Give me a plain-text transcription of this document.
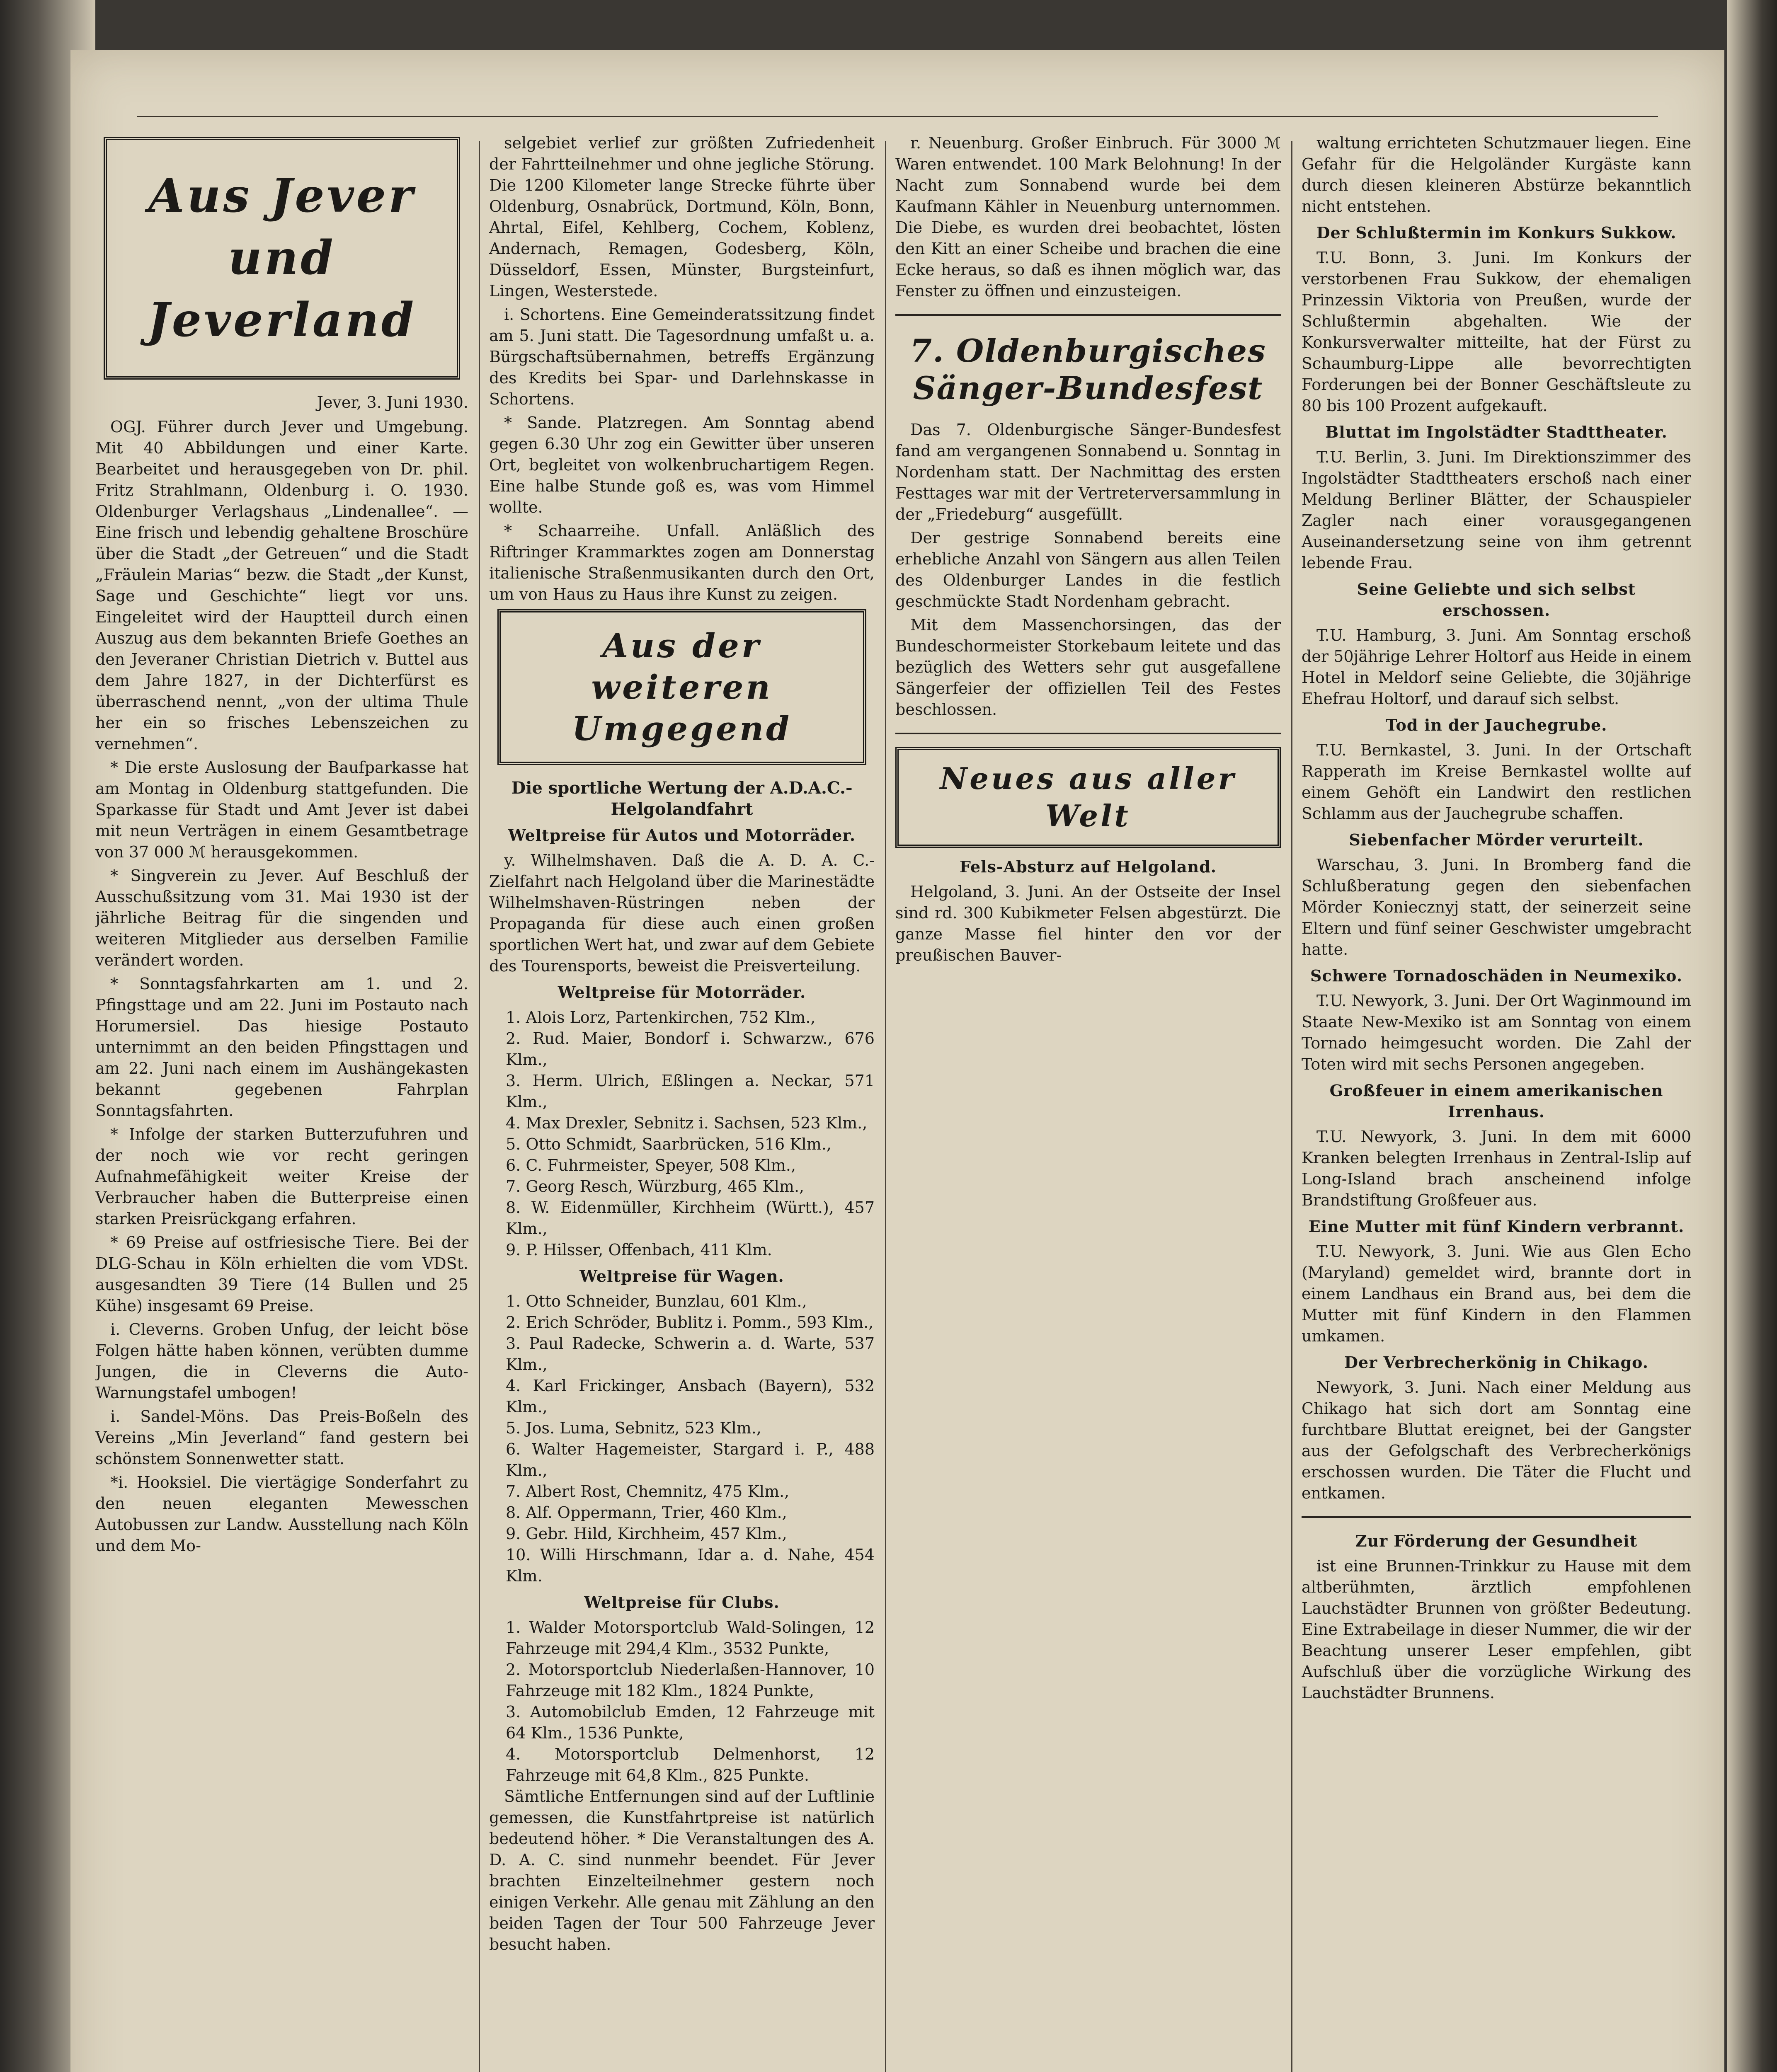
Aus Jever
und Jeverland
Jever, 3. Juni 1930.

OGJ. Führer durch Jever und Umgebung. Mit 40 Abbildungen und einer Karte. Bearbeitet und herausgegeben von Dr. phil. Fritz Strahlmann, Oldenburg i. O. 1930. Oldenburger Verlagshaus „Lindenallee“. — Eine frisch und lebendig gehaltene Broschüre über die Stadt „der Getreuen“ und die Stadt „Fräulein Marias“ bezw. die Stadt „der Kunst, Sage und Geschichte“ liegt vor uns. Eingeleitet wird der Hauptteil durch einen Auszug aus dem bekannten Briefe Goethes an den Jeveraner Christian Dietrich v. Buttel aus dem Jahre 1827, in der Dichterfürst es überraschend nennt, „von der ultima Thule her ein so frisches Lebenszeichen zu vernehmen“.

* Die erste Auslosung der Baufparkasse hat am Montag in Oldenburg stattgefunden. Die Sparkasse für Stadt und Amt Jever ist dabei mit neun Verträgen in einem Gesamtbetrage von 37 000 ℳ herausgekommen.

* Singverein zu Jever. Auf Beschluß der Ausschußsitzung vom 31. Mai 1930 ist der jährliche Beitrag für die singenden und weiteren Mitglieder aus derselben Familie verändert worden.

* Sonntagsfahrkarten am 1. und 2. Pfingsttage und am 22. Juni im Postauto nach Horumersiel. Das hiesige Postauto unternimmt an den beiden Pfingsttagen und am 22. Juni nach einem im Aushängekasten bekannt gegebenen Fahrplan Sonntagsfahrten.

* Infolge der starken Butterzufuhren und der noch wie vor recht geringen Aufnahmefähigkeit weiter Kreise der Verbraucher haben die Butterpreise einen starken Preisrückgang erfahren.

* 69 Preise auf ostfriesische Tiere. Bei der DLG-Schau in Köln erhielten die vom VDSt. ausgesandten 39 Tiere (14 Bullen und 25 Kühe) insgesamt 69 Preise.

i. Cleverns. Groben Unfug, der leicht böse Folgen hätte haben können, verübten dumme Jungen, die in Cleverns die Auto-Warnungstafel umbogen!

i. Sandel-Möns. Das Preis-Boßeln des Vereins „Min Jeverland“ fand gestern bei schönstem Sonnenwetter statt.

*i. Hooksiel. Die viertägige Sonderfahrt zu den neuen eleganten Mewesschen Autobussen zur Landw. Ausstellung nach Köln und dem Mo-

selgebiet verlief zur größten Zufriedenheit der Fahrtteilnehmer und ohne jegliche Störung. Die 1200 Kilometer lange Strecke führte über Oldenburg, Osnabrück, Dortmund, Köln, Bonn, Ahrtal, Eifel, Kehlberg, Cochem, Koblenz, Andernach, Remagen, Godesberg, Köln, Düsseldorf, Essen, Münster, Burgsteinfurt, Lingen, Westerstede.

i. Schortens. Eine Gemeinderatssitzung findet am 5. Juni statt. Die Tagesordnung umfaßt u. a. Bürgschaftsübernahmen, betreffs Ergänzung des Kredits bei Spar- und Darlehnskasse in Schortens.

* Sande. Platzregen. Am Sonntag abend gegen 6.30 Uhr zog ein Gewitter über unseren Ort, begleitet von wolkenbruchartigem Regen. Eine halbe Stunde goß es, was vom Himmel wollte.

* Schaarreihe. Unfall. Anläßlich des Riftringer Krammarktes zogen am Donnerstag italienische Straßenmusikanten durch den Ort, um von Haus zu Haus ihre Kunst zu zeigen.

Aus der weiteren Umgegend
Die sportliche Wertung der A.D.A.C.-Helgolandfahrt
Weltpreise für Autos und Motorräder.

y. Wilhelmshaven. Daß die A. D. A. C.-Zielfahrt nach Helgoland über die Marinestädte Wilhelmshaven-Rüstringen neben der Propaganda für diese auch einen großen sportlichen Wert hat, und zwar auf dem Gebiete des Tourensports, beweist die Preisverteilung.

Weltpreise für Motorräder.
1. Alois Lorz, Partenkirchen, 752 Klm.,
2. Rud. Maier, Bondorf i. Schwarzw., 676 Klm.,
3. Herm. Ulrich, Eßlingen a. Neckar, 571 Klm.,
4. Max Drexler, Sebnitz i. Sachsen, 523 Klm.,
5. Otto Schmidt, Saarbrücken, 516 Klm.,
6. C. Fuhrmeister, Speyer, 508 Klm.,
7. Georg Resch, Würzburg, 465 Klm.,
8. W. Eidenmüller, Kirchheim (Württ.), 457 Klm.,
9. P. Hilsser, Offenbach, 411 Klm.
Weltpreise für Wagen.
1. Otto Schneider, Bunzlau, 601 Klm.,
2. Erich Schröder, Bublitz i. Pomm., 593 Klm.,
3. Paul Radecke, Schwerin a. d. Warte, 537 Klm.,
4. Karl Frickinger, Ansbach (Bayern), 532 Klm.,
5. Jos. Luma, Sebnitz, 523 Klm.,
6. Walter Hagemeister, Stargard i. P., 488 Klm.,
7. Albert Rost, Chemnitz, 475 Klm.,
8. Alf. Oppermann, Trier, 460 Klm.,
9. Gebr. Hild, Kirchheim, 457 Klm.,
10. Willi Hirschmann, Idar a. d. Nahe, 454 Klm.
Weltpreise für Clubs.
1. Walder Motorsportclub Wald-Solingen, 12 Fahrzeuge mit 294,4 Klm., 3532 Punkte,
2. Motorsportclub Niederlaßen-Hannover, 10 Fahrzeuge mit 182 Klm., 1824 Punkte,
3. Automobilclub Emden, 12 Fahrzeuge mit 64 Klm., 1536 Punkte,
4. Motorsportclub Delmenhorst, 12 Fahrzeuge mit 64,8 Klm., 825 Punkte.

Sämtliche Entfernungen sind auf der Luftlinie gemessen, die Kunstfahrtpreise ist natürlich bedeutend höher. * Die Veranstaltungen des A. D. A. C. sind nunmehr beendet. Für Jever brachten Einzelteilnehmer gestern noch einigen Verkehr. Alle genau mit Zählung an den beiden Tagen der Tour 500 Fahrzeuge Jever besucht haben.

r. Neuenburg. Großer Einbruch. Für 3000 ℳ Waren entwendet. 100 Mark Belohnung! In der Nacht zum Sonnabend wurde bei dem Kaufmann Kähler in Neuenburg unternommen. Die Diebe, es wurden drei beobachtet, lösten den Kitt an einer Scheibe und brachen die eine Ecke heraus, so daß es ihnen möglich war, das Fenster zu öffnen und einzusteigen.

7. Oldenburgisches Sänger-Bundesfest

Das 7. Oldenburgische Sänger-Bundesfest fand am vergangenen Sonnabend u. Sonntag in Nordenham statt. Der Nachmittag des ersten Festtages war mit der Vertreterversammlung in der „Friedeburg“ ausgefüllt.

Der gestrige Sonnabend bereits eine erhebliche Anzahl von Sängern aus allen Teilen des Oldenburger Landes in die festlich geschmückte Stadt Nordenham gebracht.

Mit dem Massenchorsingen, das der Bundeschormeister Storkebaum leitete und das bezüglich des Wetters sehr gut ausgefallene Sängerfeier der offiziellen Teil des Festes beschlossen.

Neues aus aller Welt
Fels-Absturz auf Helgoland.

Helgoland, 3. Juni. An der Ostseite der Insel sind rd. 300 Kubikmeter Felsen abgestürzt. Die ganze Masse fiel hinter den vor der preußischen Bauver-

waltung errichteten Schutzmauer liegen. Eine Gefahr für die Helgoländer Kurgäste kann durch diesen kleineren Abstürze bekanntlich nicht entstehen.

Der Schlußtermin im Konkurs Sukkow.

T.U. Bonn, 3. Juni. Im Konkurs der verstorbenen Frau Sukkow, der ehemaligen Prinzessin Viktoria von Preußen, wurde der Schlußtermin abgehalten. Wie der Konkursverwalter mitteilte, hat der Fürst zu Schaumburg-Lippe alle bevorrechtigten Forderungen bei der Bonner Geschäftsleute zu 80 bis 100 Prozent aufgekauft.

Bluttat im Ingolstädter Stadttheater.

T.U. Berlin, 3. Juni. Im Direktionszimmer des Ingolstädter Stadttheaters erschoß nach einer Meldung Berliner Blätter, der Schauspieler Zagler nach einer vorausgegangenen Auseinandersetzung seine von ihm getrennt lebende Frau.

Seine Geliebte und sich selbst erschossen.

T.U. Hamburg, 3. Juni. Am Sonntag erschoß der 50jährige Lehrer Holtorf aus Heide in einem Hotel in Meldorf seine Geliebte, die 30jährige Ehefrau Holtorf, und darauf sich selbst.

Tod in der Jauchegrube.

T.U. Bernkastel, 3. Juni. In der Ortschaft Rapperath im Kreise Bernkastel wollte auf einem Gehöft ein Landwirt den restlichen Schlamm aus der Jauchegrube schaffen.

Siebenfacher Mörder verurteilt.

Warschau, 3. Juni. In Bromberg fand die Schlußberatung gegen den siebenfachen Mörder Koniecznyj statt, der seinerzeit seine Eltern und fünf seiner Geschwister umgebracht hatte.

Schwere Tornadoschäden in Neumexiko.

T.U. Newyork, 3. Juni. Der Ort Waginmound im Staate New-Mexiko ist am Sonntag von einem Tornado heimgesucht worden. Die Zahl der Toten wird mit sechs Personen angegeben.

Großfeuer in einem amerikanischen Irrenhaus.

T.U. Newyork, 3. Juni. In dem mit 6000 Kranken belegten Irrenhaus in Zentral-Islip auf Long-Island brach anscheinend infolge Brandstiftung Großfeuer aus.

Eine Mutter mit fünf Kindern verbrannt.

T.U. Newyork, 3. Juni. Wie aus Glen Echo (Maryland) gemeldet wird, brannte dort in einem Landhaus ein Brand aus, bei dem die Mutter mit fünf Kindern in den Flammen umkamen.

Der Verbrecherkönig in Chikago.

Newyork, 3. Juni. Nach einer Meldung aus Chikago hat sich dort am Sonntag eine furchtbare Bluttat ereignet, bei der Gangster aus der Gefolgschaft des Verbrecherkönigs erschossen wurden. Die Täter die Flucht und entkamen.

Zur Förderung der Gesundheit

ist eine Brunnen-Trinkkur zu Hause mit dem altberühmten, ärztlich empfohlenen Lauchstädter Brunnen von größter Bedeutung. Eine Extrabeilage in dieser Nummer, die wir der Beachtung unserer Leser empfehlen, gibt Aufschluß über die vorzügliche Wirkung des Lauchstädter Brunnens.
